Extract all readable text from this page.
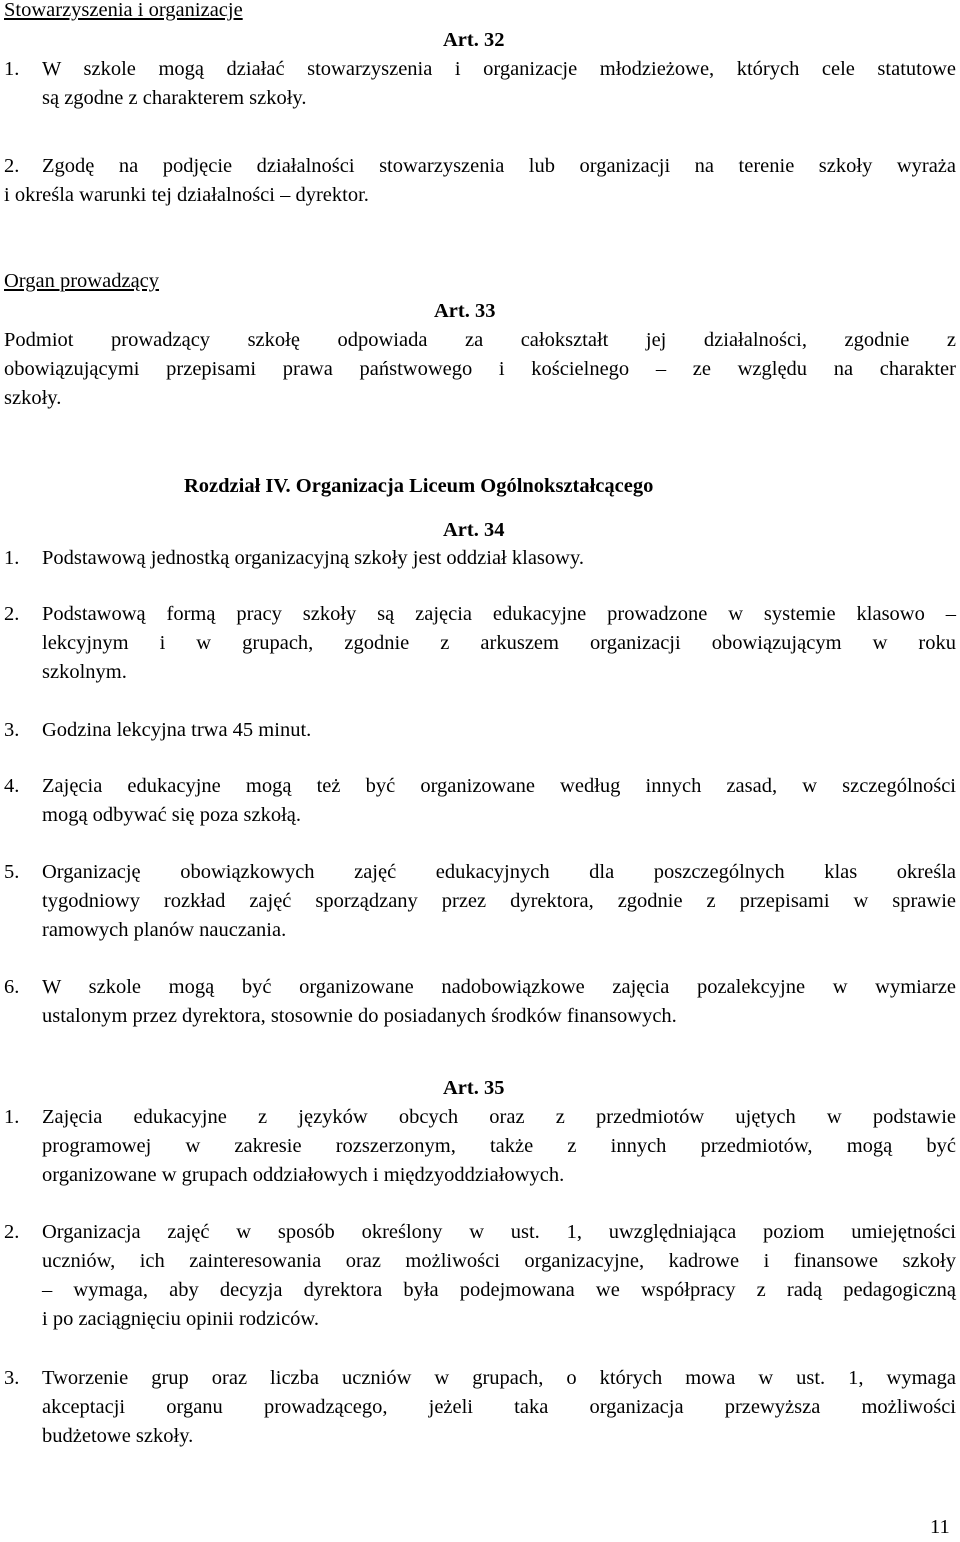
Stowarzyszenia i organizacje
Art. 32
1. W szkole mogą działać stowarzyszenia i organizacje młodzieżowe, których cele statutowe
są zgodne z charakterem szkoły.
2. Zgodę na podjęcie działalności stowarzyszenia lub organizacji na terenie szkoły wyraża
i określa warunki tej działalności – dyrektor.
Organ prowadzący
Art. 33
Podmiot prowadzący szkołę odpowiada za całokształt jej działalności, zgodnie z
obowiązującymi przepisami prawa państwowego i kościelnego – ze względu na charakter
szkoły.
Rozdział IV. Organizacja Liceum Ogólnokształcącego
Art. 34
1. Podstawową jednostką organizacyjną szkoły jest oddział klasowy.
2. Podstawową formą pracy szkoły są zajęcia edukacyjne prowadzone w systemie klasowo –
lekcyjnym i w grupach, zgodnie z arkuszem organizacji obowiązującym w roku
szkolnym.
3. Godzina lekcyjna trwa 45 minut.
4. Zajęcia edukacyjne mogą też być organizowane według innych zasad, w szczególności
mogą odbywać się poza szkołą.
5. Organizację obowiązkowych zajęć edukacyjnych dla poszczególnych klas określa
tygodniowy rozkład zajęć sporządzany przez dyrektora, zgodnie z przepisami w sprawie
ramowych planów nauczania.
6. W szkole mogą być organizowane nadobowiązkowe zajęcia pozalekcyjne w wymiarze
ustalonym przez dyrektora, stosownie do posiadanych środków finansowych.
Art. 35
1. Zajęcia edukacyjne z języków obcych oraz z przedmiotów ujętych w podstawie
programowej w zakresie rozszerzonym, także z innych przedmiotów, mogą być
organizowane w grupach oddziałowych i międzyoddziałowych.
2. Organizacja zajęć w sposób określony w ust. 1, uwzględniająca poziom umiejętności
uczniów, ich zainteresowania oraz możliwości organizacyjne, kadrowe i finansowe szkoły
– wymaga, aby decyzja dyrektora była podejmowana we współpracy z radą pedagogiczną
i po zaciągnięciu opinii rodziców.
3. Tworzenie grup oraz liczba uczniów w grupach, o których mowa w ust. 1, wymaga
akceptacji organu prowadzącego, jeżeli taka organizacja przewyższa możliwości
budżetowe szkoły.
11
